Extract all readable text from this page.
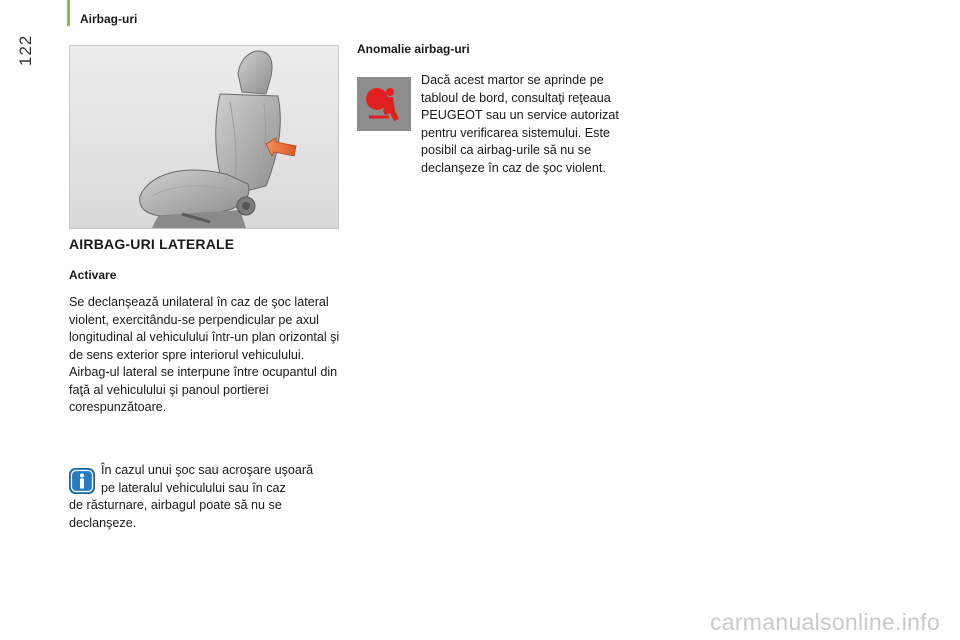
122
Airbag-uri
AIRBAG-URI LATERALE
Activare

Se declanşează unilateral în caz de şoc lateral violent, exercitându-se perpendicular pe axul longitudinal al vehiculului într-un plan orizontal şi de sens exterior spre interiorul vehiculului.

Airbag-ul lateral se interpune între ocupantul din faţă al vehiculului şi panoul portierei corespunzătoare.

În cazul unui şoc sau acroşare uşoară
pe lateralul vehiculului sau în caz
de răsturnare, airbagul poate să nu se declanşeze.
Anomalie airbag-uri
Dacă acest martor se aprinde pe tabloul de bord, consultaţi reţeaua PEUGEOT sau un service autorizat pentru verificarea sistemului. Este posibil ca airbag-urile să nu se declanşeze în caz de şoc violent.
carmanualsonline.info
